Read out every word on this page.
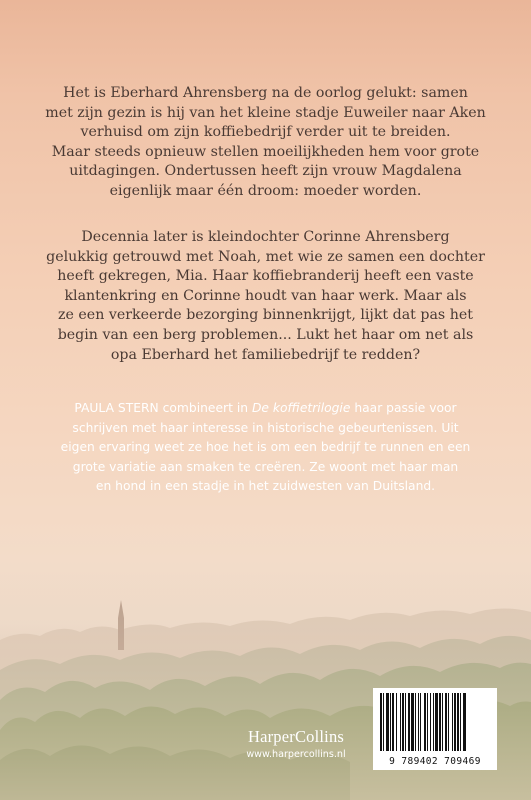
Het is Eberhard Ahrensberg na de oorlog gelukt: samen
met zijn gezin is hij van het kleine stadje Euweiler naar Aken
verhuisd om zijn koffiebedrijf verder uit te breiden.
Maar steeds opnieuw stellen moeilijkheden hem voor grote
uitdagingen. Ondertussen heeft zijn vrouw Magdalena
eigenlijk maar één droom: moeder worden.

Decennia later is kleindochter Corinne Ahrensberg
gelukkig getrouwd met Noah, met wie ze samen een dochter
heeft gekregen, Mia. Haar koffiebranderij heeft een vaste
klantenkring en Corinne houdt van haar werk. Maar als
ze een verkeerde bezorging binnenkrijgt, lijkt dat pas het
begin van een berg problemen... Lukt het haar om net als
opa Eberhard het familiebedrijf te redden?

PAULA STERN combineert in De koffietrilogie haar passie voor
schrijven met haar interesse in historische gebeurtenissen. Uit
eigen ervaring weet ze hoe het is om een bedrijf te runnen en een
grote variatie aan smaken te creëren. Ze woont met haar man
en hond in een stadje in het zuidwesten van Duitsland.

HarperCollins
www.harpercollins.nl
9 789402 709469
